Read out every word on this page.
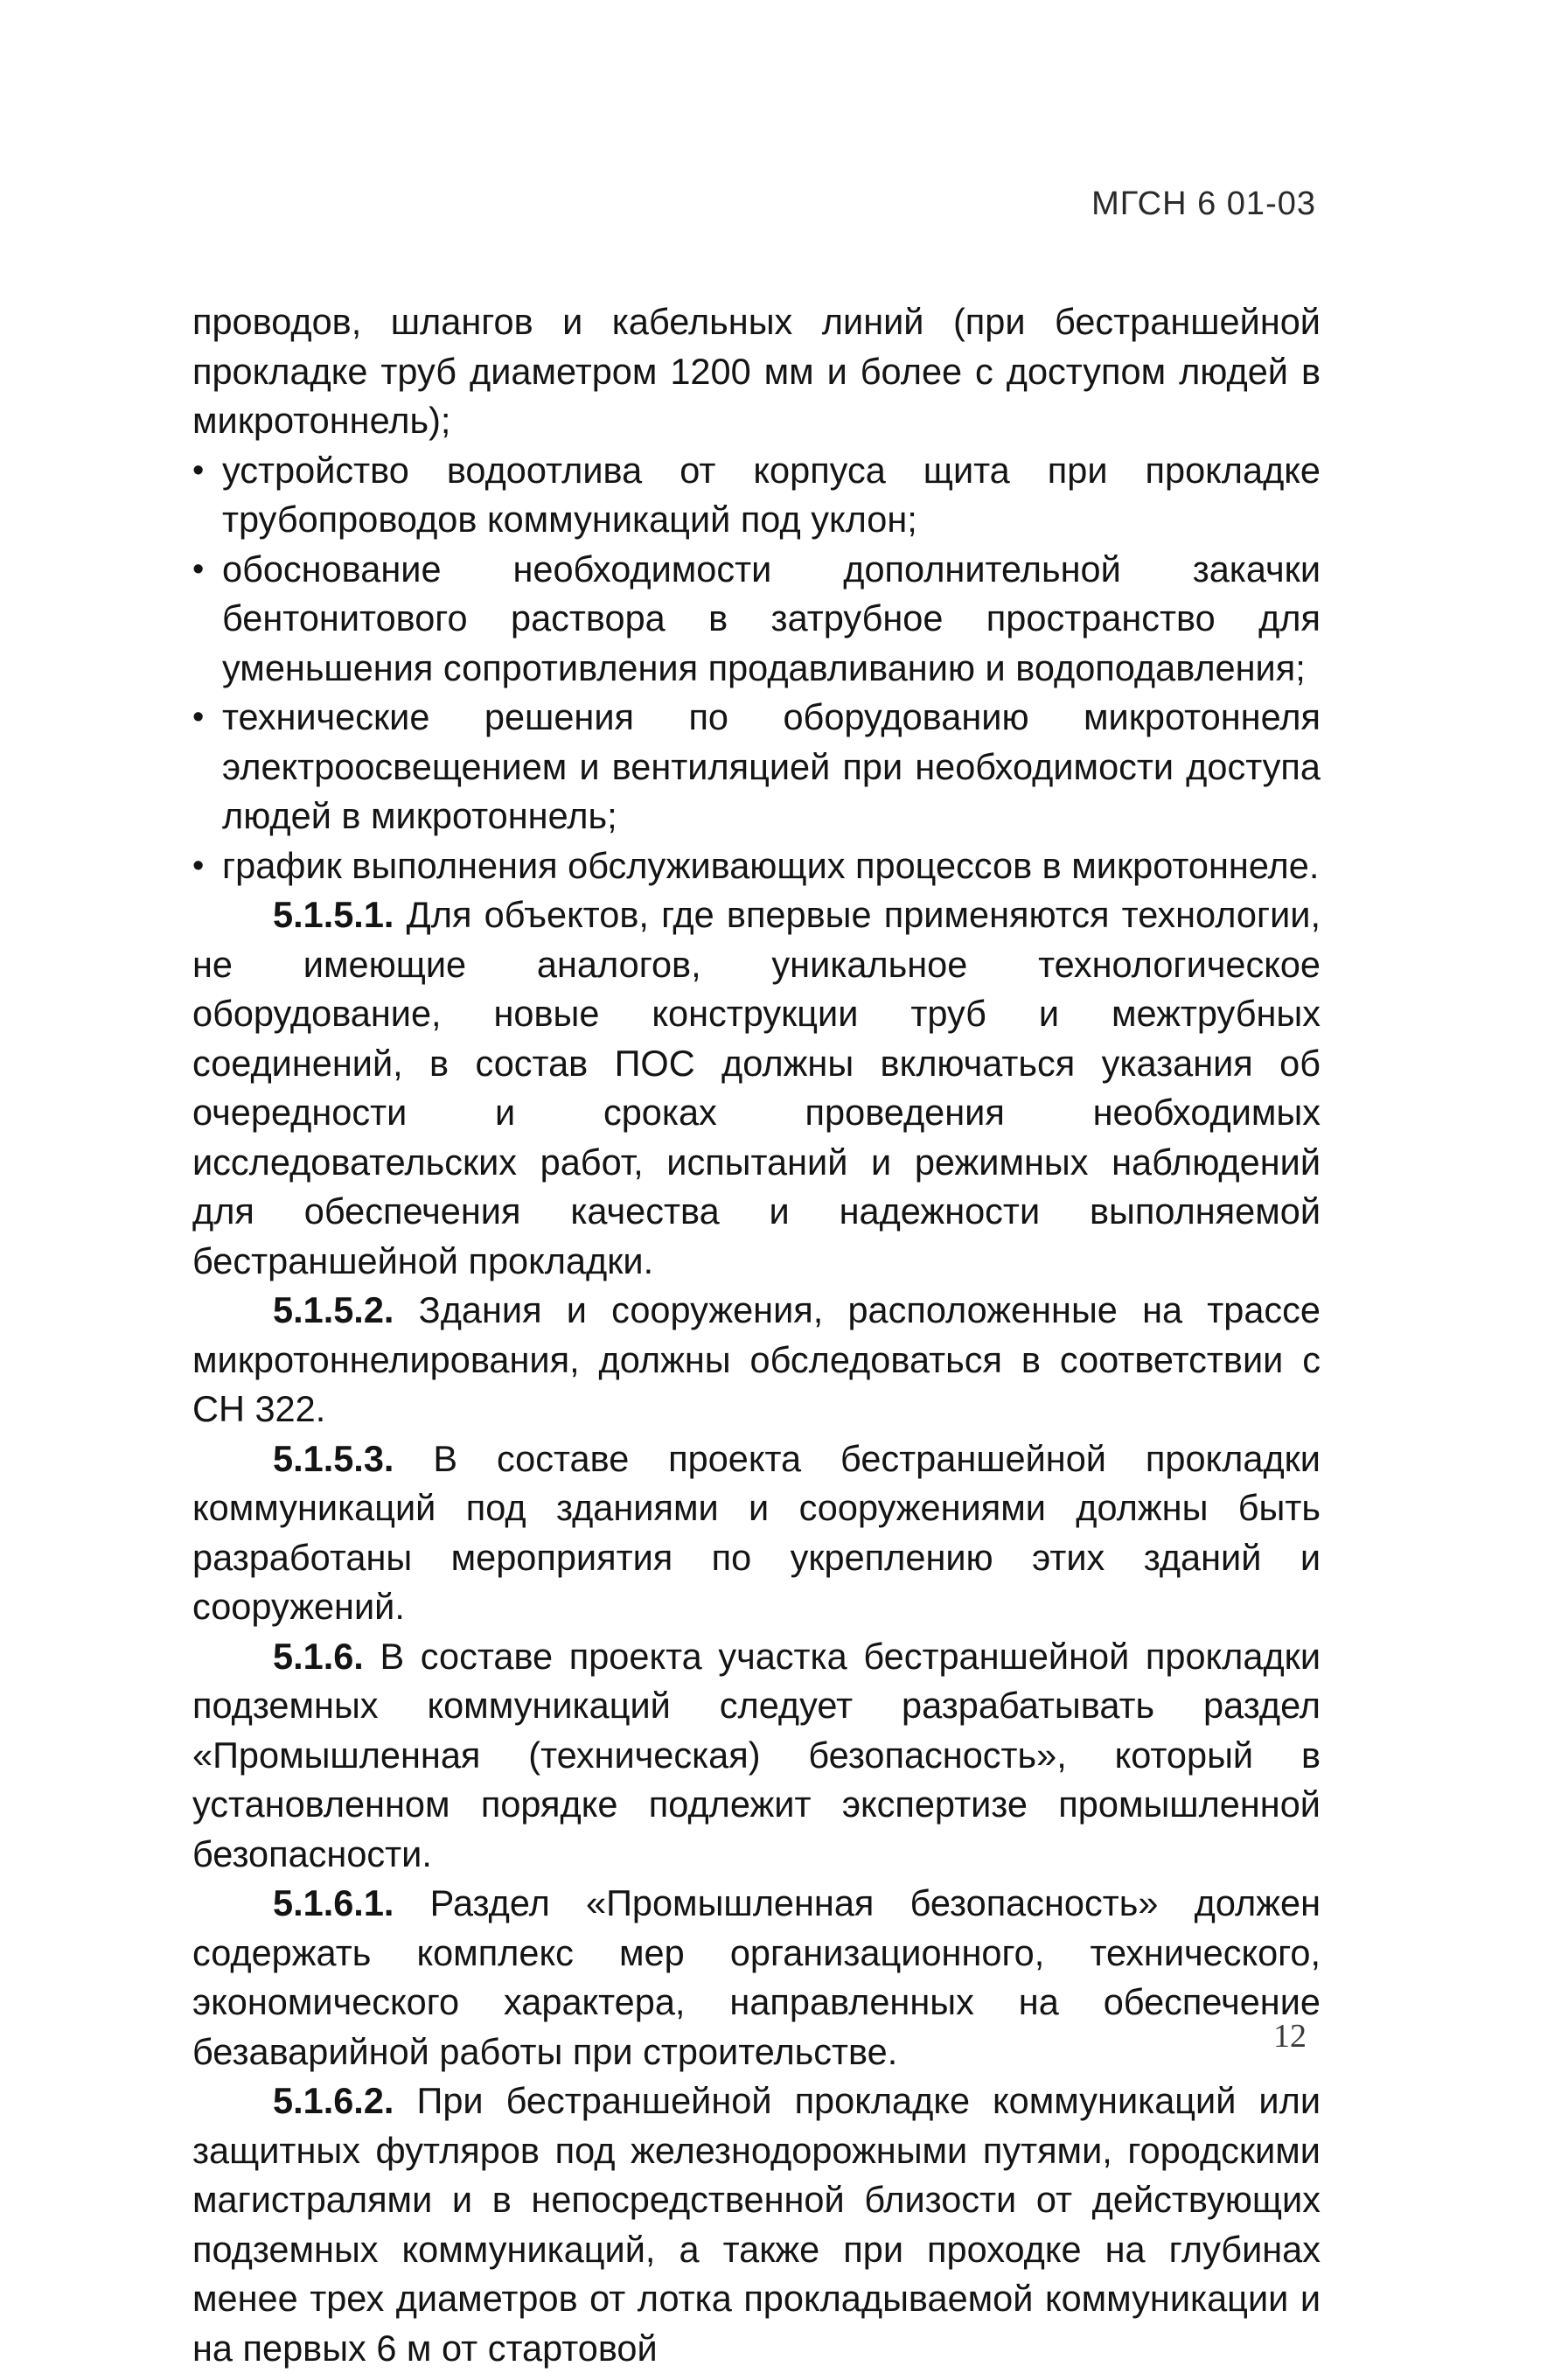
МГСН 6 01-03

проводов, шлангов и кабельных линий (при бестраншейной прокладке труб диаметром 1200 мм и более с доступом людей в микротоннель);

• устройство водоотлива от корпуса щита при прокладке трубопроводов коммуникаций под уклон;
• обоснование необходимости дополнительной закачки бентонитового раствора в затрубное пространство для уменьшения сопротивления продавливанию и водоподавления;
• технические решения по оборудованию микротоннеля электроосвещением и вентиляцией при необходимости доступа людей в микротоннель;
• график выполнения обслуживающих процессов в микротоннеле.

5.1.5.1. Для объектов, где впервые применяются технологии, не имеющие аналогов, уникальное технологическое оборудование, новые конструкции труб и межтрубных соединений, в состав ПОС должны включаться указания об очередности и сроках проведения необходимых исследовательских работ, испытаний и режимных наблюдений для обеспечения качества и надежности выполняемой бестраншейной прокладки.

5.1.5.2. Здания и сооружения, расположенные на трассе микротоннелирования, должны обследоваться в соответствии с СН 322.

5.1.5.3. В составе проекта бестраншейной прокладки коммуникаций под зданиями и сооружениями должны быть разработаны мероприятия по укреплению этих зданий и сооружений.

5.1.6. В составе проекта участка бестраншейной прокладки подземных коммуникаций следует разрабатывать раздел «Промышленная (техническая) безопасность», который в установленном порядке подлежит экспертизе промышленной безопасности.

5.1.6.1. Раздел «Промышленная безопасность» должен содержать комплекс мер организационного, технического, экономического характера, направленных на обеспечение безаварийной работы при строительстве.

5.1.6.2. При бестраншейной прокладке коммуникаций или защитных футляров под железнодорожными путями, городскими магистралями и в непосредственной близости от действующих подземных коммуникаций, а также при проходке на глубинах менее трех диаметров от лотка прокладываемой коммуникации и на первых 6 м от стартовой

12
